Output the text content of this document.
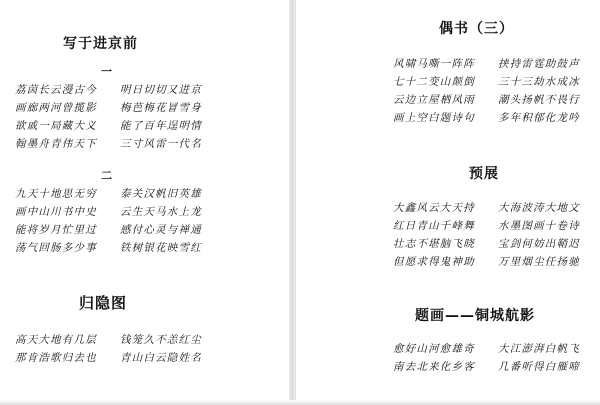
写于进京前
一
荔茵长云漫古今 明日切切又进京
画廊两河曾揽影 梅芭梅花冒雪身
欲戚一局藏大义 能了百年逞明情
翰墨舟青伟天下 三寸风雷一代名
二
九天十地思无穷 泰关汉帆旧英雄
画中山川书中史 云生天马水上龙
能将岁月忙里过 感付心灵与禅通
荡气回肠多少事 铁树银花映雪红
归隐图
高天大地有几层 钱笼久不恙红尘
那肯浩歌归去也 青山白云隐姓名
偶书（三）
风啸马嘶一阵阵 挟持雷霆助鼓声
七十二变山颠倒 三十三劫水成冰
云边立屋栖风雨 潮头扬帆不畏行
画上空白题诗句 多年积郁化龙吟
预展
大鑫风云大天持 大海波涛大地文
红日青山千峰舞 水墨图画十卷诗
壮志不堪脑飞晓 宝剑何妨出鞘迟
但愿求得鬼神助 万里烟尘任扬驰
题画——铜城航影
愈好山河愈雄奇 大江澎湃白帆飞
南去北来化乡客 几番听得白雁啼
